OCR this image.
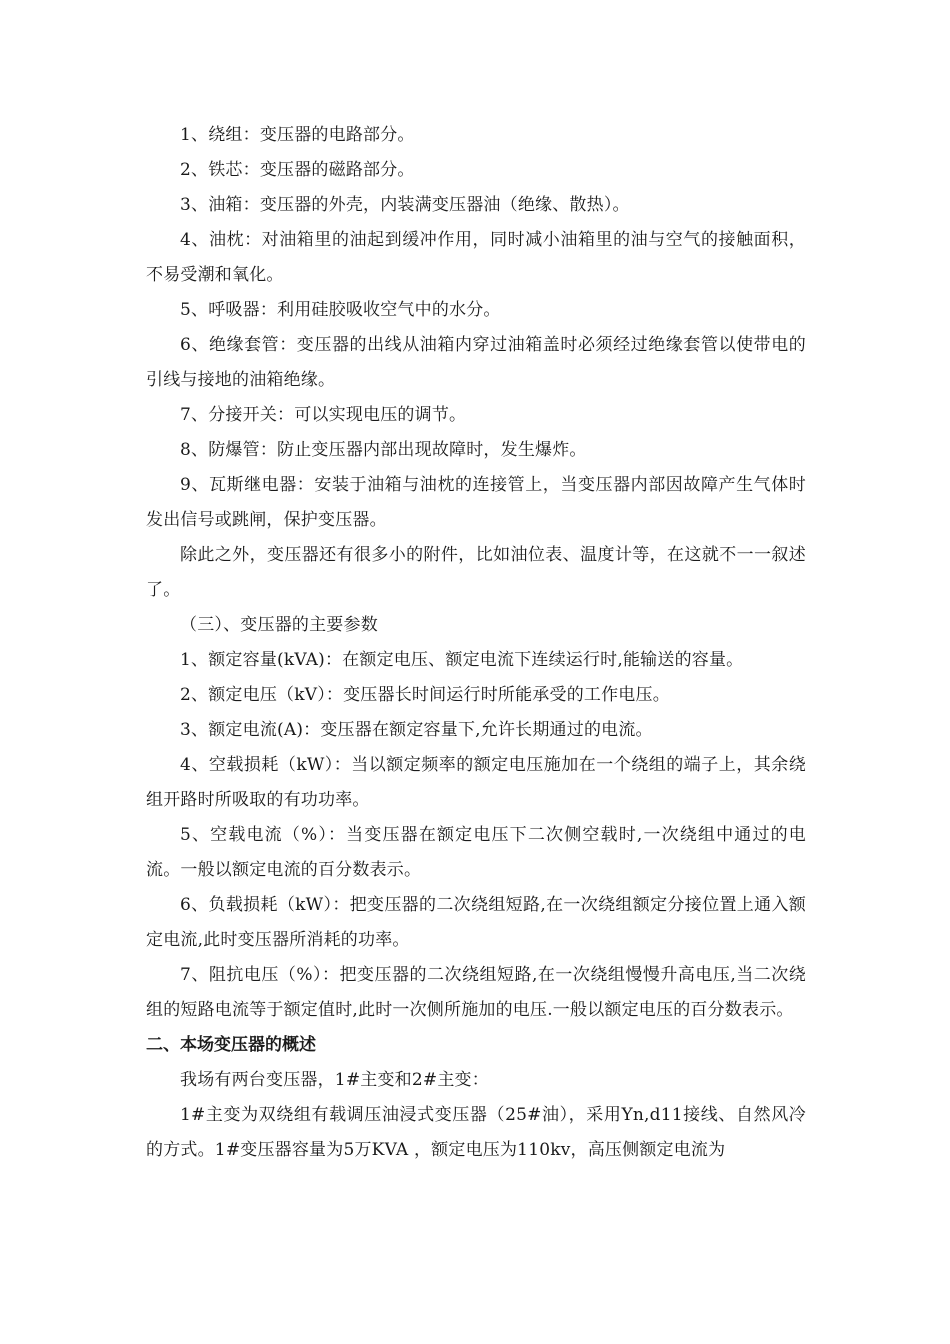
1、绕组：变压器的电路部分。

2、铁芯：变压器的磁路部分。

3、油箱：变压器的外壳，内装满变压器油（绝缘、散热）。

4、油枕：对油箱里的油起到缓冲作用，同时减小油箱里的油与空气的接触面积，不易受潮和氧化。

5、呼吸器：利用硅胶吸收空气中的水分。

6、绝缘套管：变压器的出线从油箱内穿过油箱盖时必须经过绝缘套管以使带电的引线与接地的油箱绝缘。

7、分接开关：可以实现电压的调节。

8、防爆管：防止变压器内部出现故障时，发生爆炸。

9、瓦斯继电器：安装于油箱与油枕的连接管上，当变压器内部因故障产生气体时发出信号或跳闸，保护变压器。

除此之外，变压器还有很多小的附件，比如油位表、温度计等，在这就不一一叙述了。

（三）、变压器的主要参数

1、额定容量(kVA)：在额定电压、额定电流下连续运行时,能输送的容量。

2、额定电压（kV）：变压器长时间运行时所能承受的工作电压。

3、额定电流(A)：变压器在额定容量下,允许长期通过的电流。

4、空载损耗（kW）：当以额定频率的额定电压施加在一个绕组的端子上，其余绕组开路时所吸取的有功功率。

5、空载电流（%）：当变压器在额定电压下二次侧空载时,一次绕组中通过的电流。一般以额定电流的百分数表示。

6、负载损耗（kW）：把变压器的二次绕组短路,在一次绕组额定分接位置上通入额定电流,此时变压器所消耗的功率。

7、阻抗电压（%）：把变压器的二次绕组短路,在一次绕组慢慢升高电压,当二次绕组的短路电流等于额定值时,此时一次侧所施加的电压.一般以额定电压的百分数表示。

二、本场变压器的概述

我场有两台变压器，1#主变和2#主变：

1#主变为双绕组有载调压油浸式变压器（25#油），采用Yn,d11接线、自然风冷的方式。1#变压器容量为5万KVA ，额定电压为110kv，高压侧额定电流为
